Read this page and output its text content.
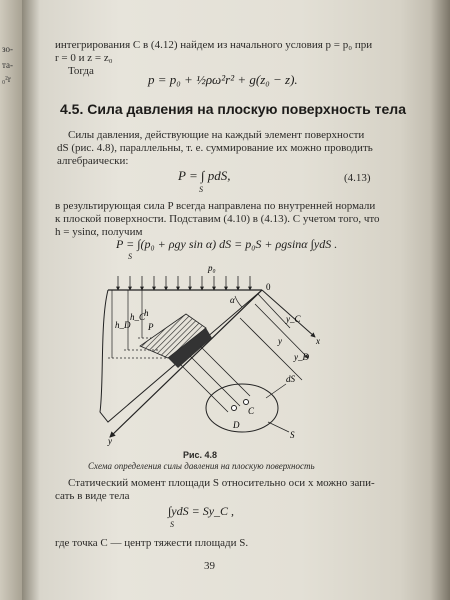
зо-
та-
₀²r
интегрирования C в (4.12) найдем из начального условия p = p₀ при
r = 0 и z = z₀
Тогда
p = p₀ + ½ρω²r² + g(z₀ − z).
4.5. Сила давления на плоскую поверхность тела
Силы давления, действующие на каждый элемент поверхности
dS (рис. 4.8), параллельны, т. е. суммирование их можно проводить
алгебраически:
P = ∫ pdS,
S
(4.13)
в результирующая сила P всегда направлена по внутренней нормали
к плоской поверхности. Подставим (4.10) в (4.13). С учетом того, что
h = ysinα, получим
P = ∫(p₀ + ρgy sin α) dS = p₀S + ρgsinα ∫ydS .
S
p₀
y
x
0
α
h_D
h_C
h
P
y_C
y
y_D
C
D
dS
S
Рис. 4.8
Схема определения силы давления на плоскую поверхность
Статический момент площади S относительно оси x можно запи-
сать в виде тела
∫ydS = Sy_C ,
S
где точка C — центр тяжести площади S.
39
